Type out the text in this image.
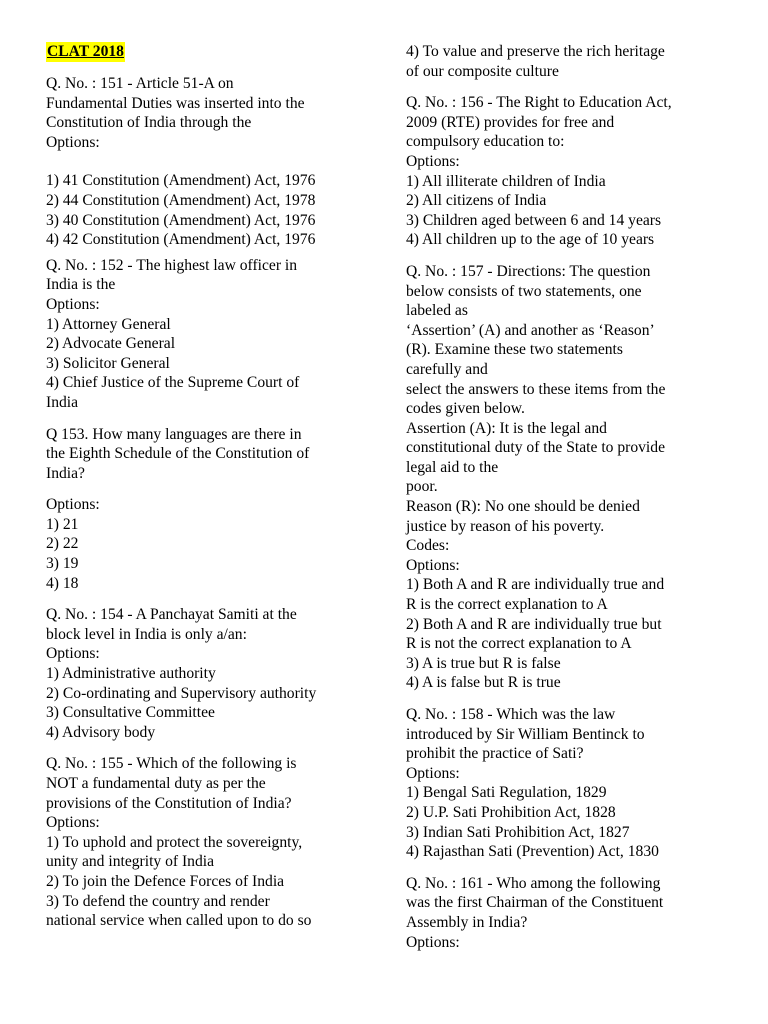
CLAT 2018
Q. No. : 151 - Article 51-A on
Fundamental Duties was inserted into the
Constitution of India through the
Options:
1) 41 Constitution (Amendment) Act, 1976
2) 44 Constitution (Amendment) Act, 1978
3) 40 Constitution (Amendment) Act, 1976
4) 42 Constitution (Amendment) Act, 1976
Q. No. : 152 - The highest law officer in
India is the
Options:
1) Attorney General
2) Advocate General
3) Solicitor General
4) Chief Justice of the Supreme Court of
India
Q 153. How many languages are there in
the Eighth Schedule of the Constitution of
India?
Options:
1) 21
2) 22
3) 19
4) 18
Q. No. : 154 - A Panchayat Samiti at the
block level in India is only a/an:
Options:
1) Administrative authority
2) Co-ordinating and Supervisory authority
3) Consultative Committee
4) Advisory body
Q. No. : 155 - Which of the following is
NOT a fundamental duty as per the
provisions of the Constitution of India?
Options:
1) To uphold and protect the sovereignty,
unity and integrity of India
2) To join the Defence Forces of India
3) To defend the country and render
national service when called upon to do so
4) To value and preserve the rich heritage
of our composite culture
Q. No. : 156 - The Right to Education Act,
2009 (RTE) provides for free and
compulsory education to:
Options:
1) All illiterate children of India
2) All citizens of India
3) Children aged between 6 and 14 years
4) All children up to the age of 10 years
Q. No. : 157 - Directions: The question
below consists of two statements, one
labeled as
‘Assertion’ (A) and another as ‘Reason’
(R). Examine these two statements
carefully and
select the answers to these items from the
codes given below.
Assertion (A): It is the legal and
constitutional duty of the State to provide
legal aid to the
poor.
Reason (R): No one should be denied
justice by reason of his poverty.
Codes:
Options:
1) Both A and R are individually true and
R is the correct explanation to A
2) Both A and R are individually true but
R is not the correct explanation to A
3) A is true but R is false
4) A is false but R is true
Q. No. : 158 - Which was the law
introduced by Sir William Bentinck to
prohibit the practice of Sati?
Options:
1) Bengal Sati Regulation, 1829
2) U.P. Sati Prohibition Act, 1828
3) Indian Sati Prohibition Act, 1827
4) Rajasthan Sati (Prevention) Act, 1830
Q. No. : 161 - Who among the following
was the first Chairman of the Constituent
Assembly in India?
Options:
